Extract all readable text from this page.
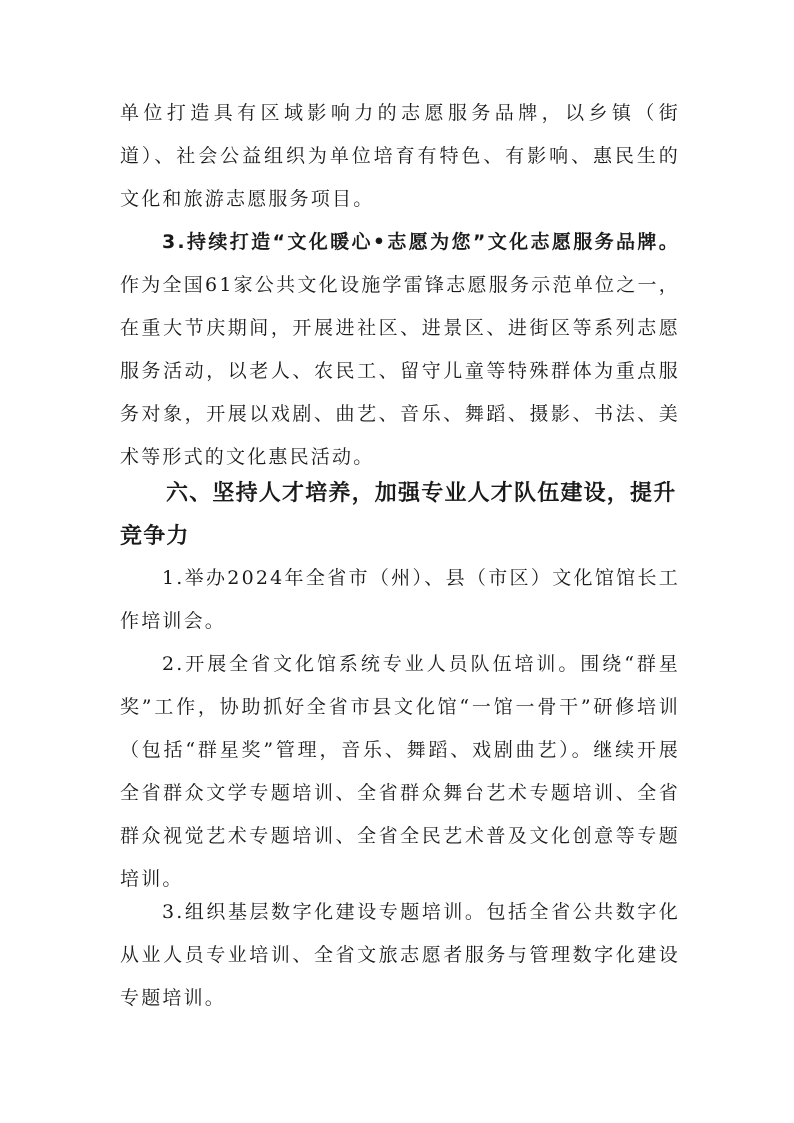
单位打造具有区域影响力的志愿服务品牌，以乡镇（街道）、社会公益组织为单位培育有特色、有影响、惠民生的文化和旅游志愿服务项目。

3.持续打造“文化暖心•志愿为您”文化志愿服务品牌。作为全国61家公共文化设施学雷锋志愿服务示范单位之一，在重大节庆期间，开展进社区、进景区、进街区等系列志愿服务活动，以老人、农民工、留守儿童等特殊群体为重点服务对象，开展以戏剧、曲艺、音乐、舞蹈、摄影、书法、美术等形式的文化惠民活动。

六、坚持人才培养，加强专业人才队伍建设，提升竞争力

1.举办2024年全省市（州）、县（市区）文化馆馆长工作培训会。

2.开展全省文化馆系统专业人员队伍培训。围绕“群星奖”工作，协助抓好全省市县文化馆“一馆一骨干”研修培训（包括“群星奖”管理，音乐、舞蹈、戏剧曲艺）。继续开展全省群众文学专题培训、全省群众舞台艺术专题培训、全省群众视觉艺术专题培训、全省全民艺术普及文化创意等专题培训。

3.组织基层数字化建设专题培训。包括全省公共数字化从业人员专业培训、全省文旅志愿者服务与管理数字化建设专题培训。
